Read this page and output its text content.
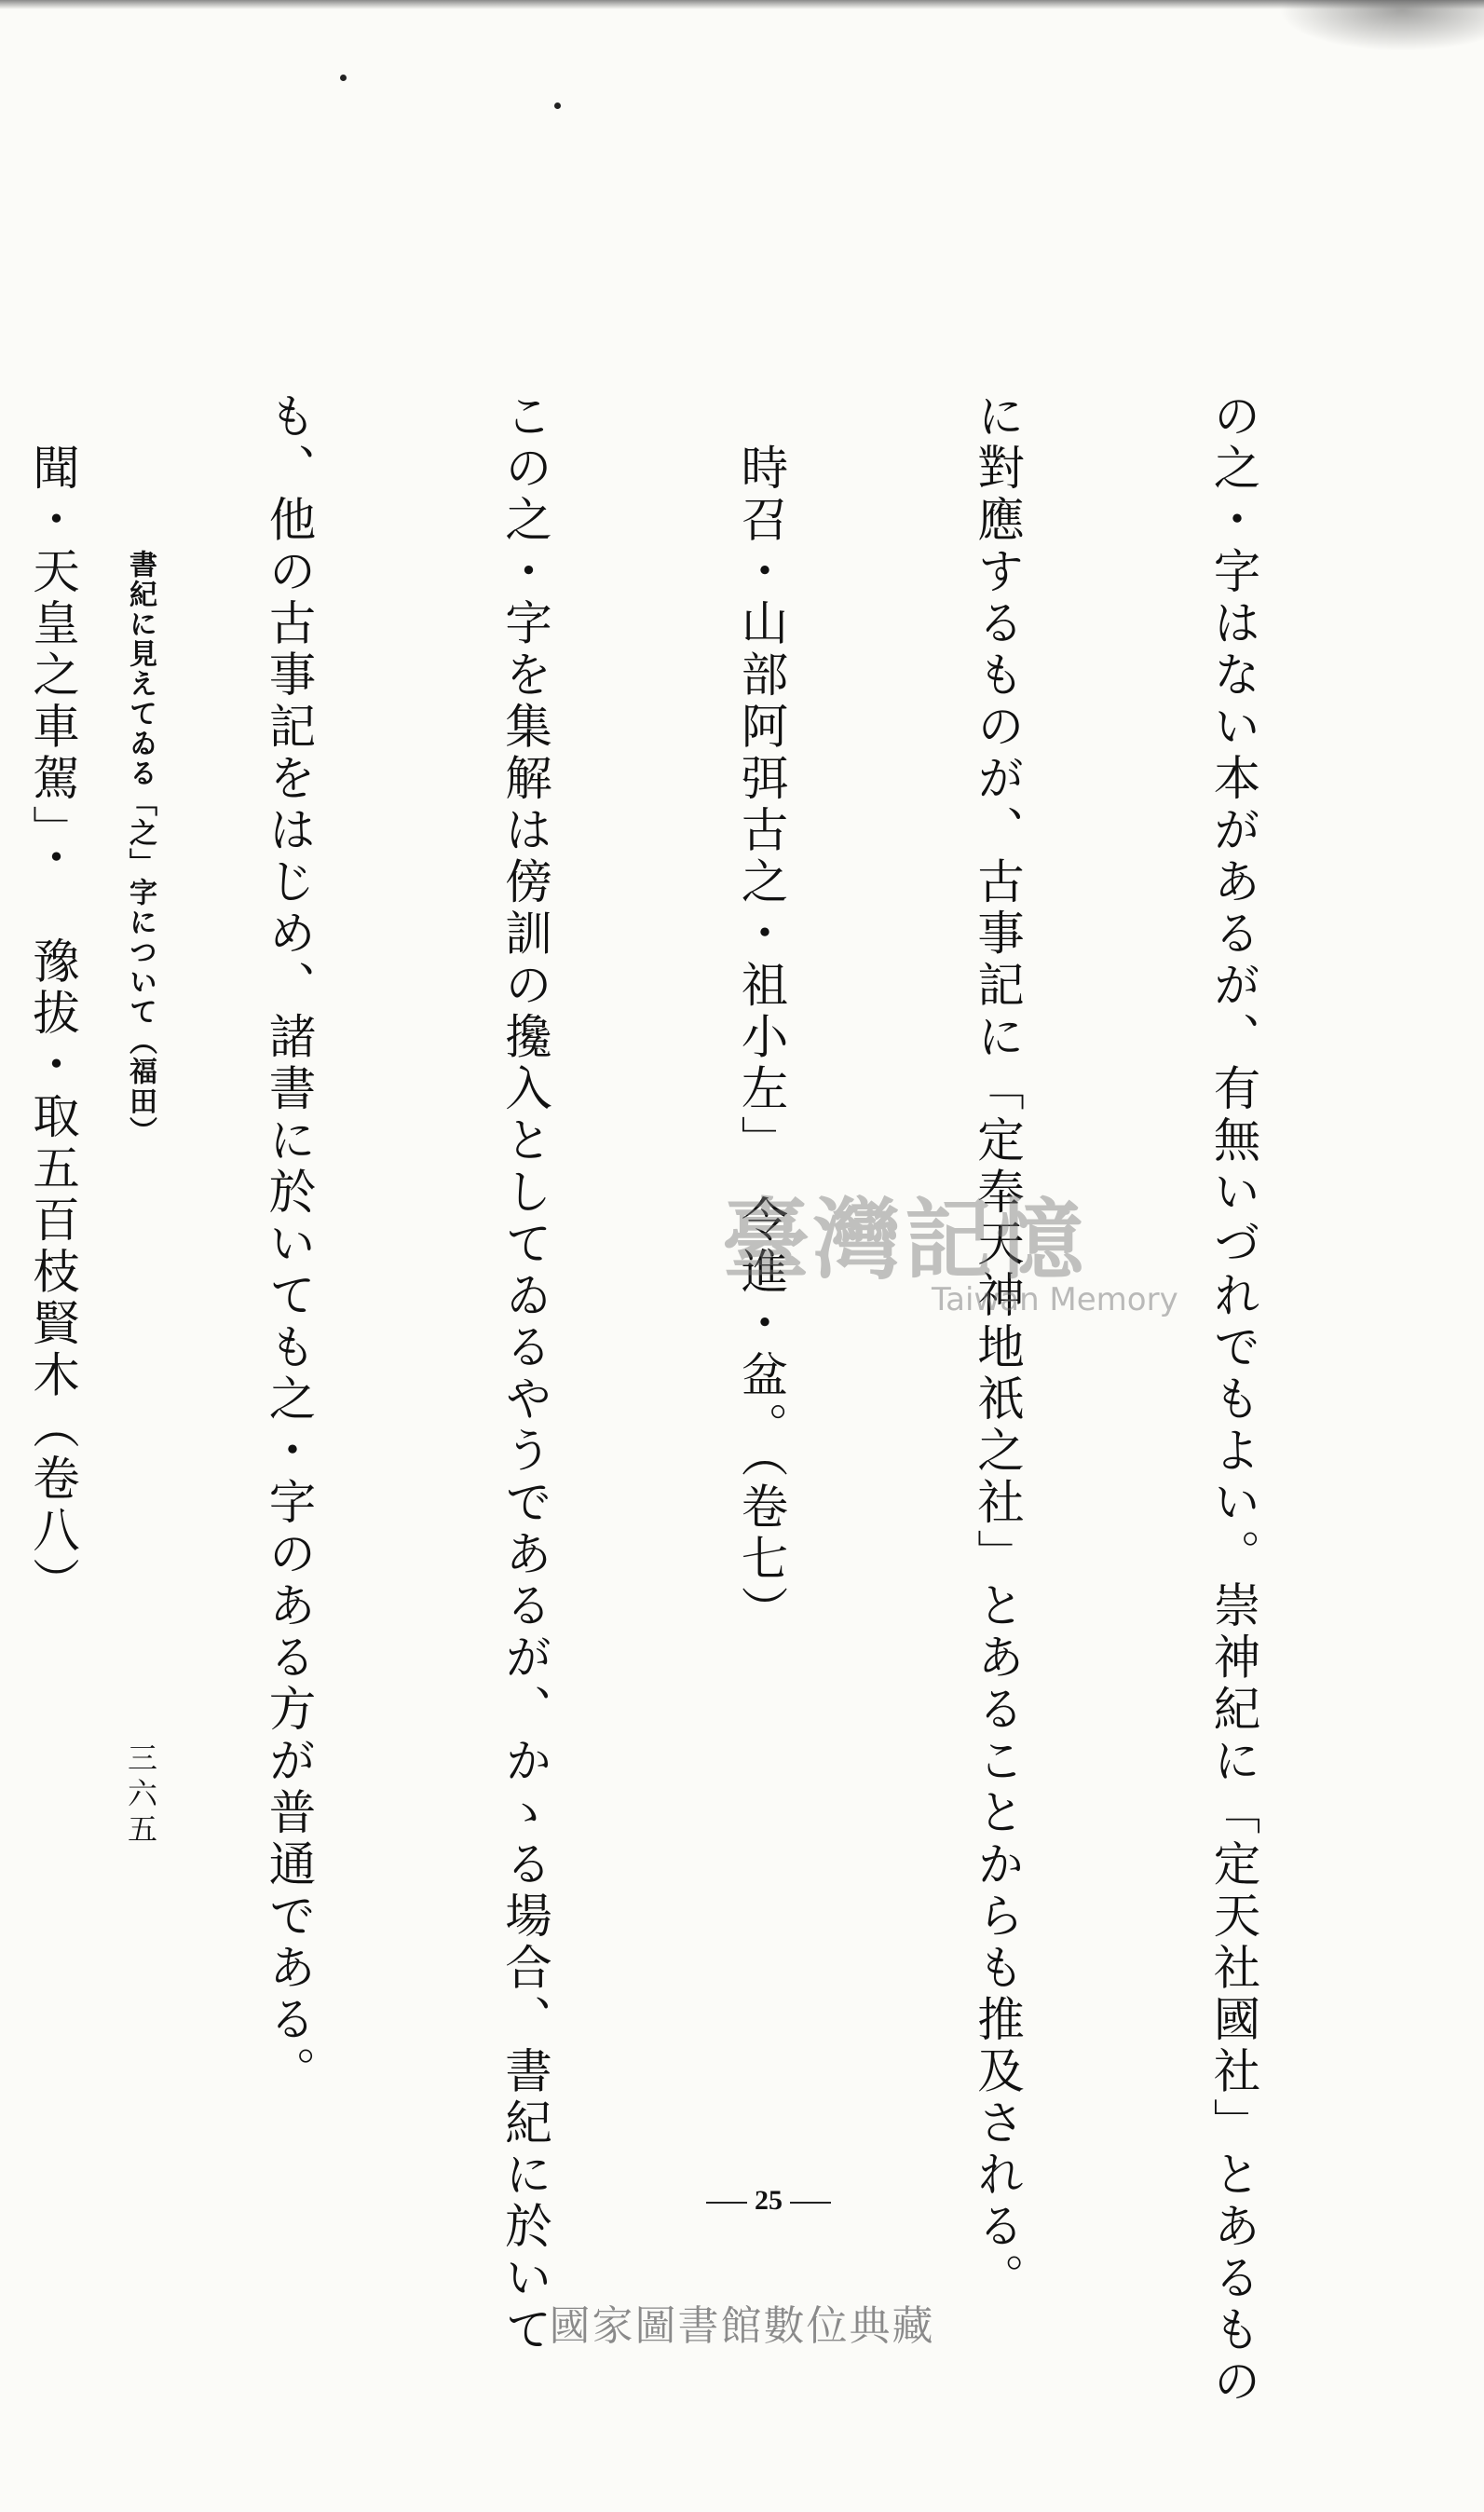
の之・字はない本があるが、有無いづれでもよい。崇神紀に「定天社國社」とあるもの

に對應するものが、古事記に「定奉天神地祇之社」とあることからも推及される。

　時召・山部阿弭古之・祖小左」　令進・盆。（卷七）

この之・字を集解は傍訓の攙入としてゐるやうであるが、かゝる場合、書紀に於いて

も、他の古事記をはじめ、諸書に於いても之・字のある方が普通である。

　聞・天皇之車駕」・　豫拔・取五百枝賢木（卷八）

	書紀に見えてゐる「之」字について（福田）
三六五
25
臺灣記憶
Taiwan Memory
國家圖書館數位典藏
